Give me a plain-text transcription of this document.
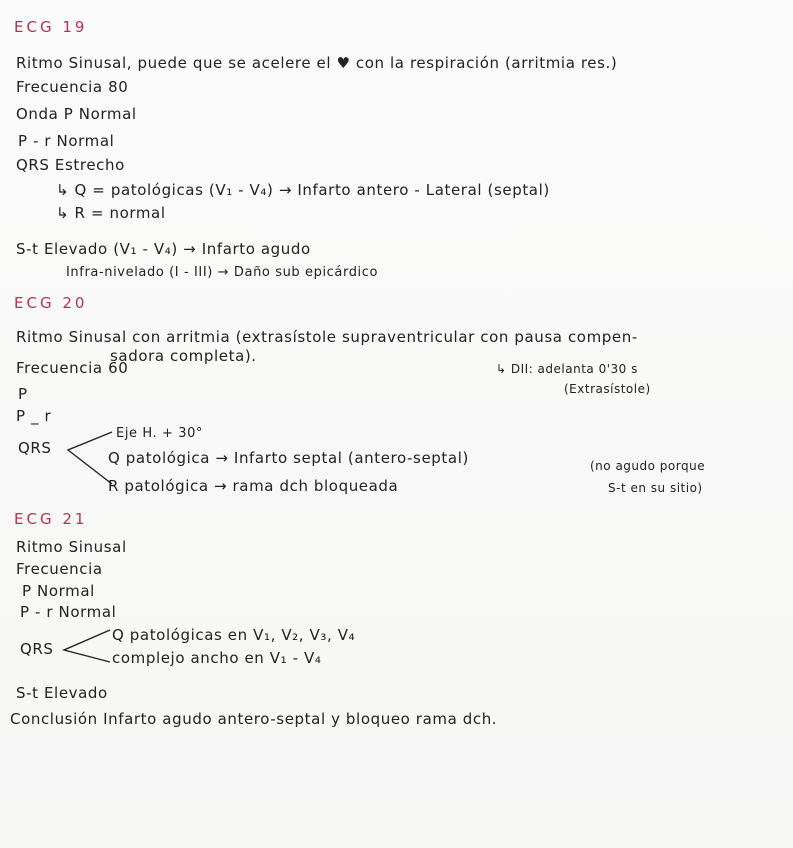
ECG 19
Ritmo Sinusal, puede que se acelere el ♥ con la respiración (arritmia res.)
Frecuencia 80
Onda P Normal
P - r Normal
QRS Estrecho
↳ Q = patológicas (V₁ - V₄) → Infarto antero - Lateral (septal)
↳ R = normal
S-t Elevado (V₁ - V₄) → Infarto agudo
Infra-nivelado (I - III) → Daño sub epicárdico
ECG 20
Ritmo Sinusal con arritmia (extrasístole supraventricular con pausa compen-
sadora completa).
↳ DII: adelanta 0'30 s
(Extrasístole)
Frecuencia 60
P
P _ r
QRS
Eje H. + 30°
Q patológica → Infarto septal (antero-septal)	(no agudo porque
R patológica → rama dch bloqueada	S-t en su sitio)
ECG 21
Ritmo Sinusal
Frecuencia
P Normal
P - r Normal
QRS
Q patológicas en V₁, V₂, V₃, V₄
complejo ancho en V₁ - V₄
S-t Elevado
Conclusión Infarto agudo antero-septal y bloqueo rama dch.
